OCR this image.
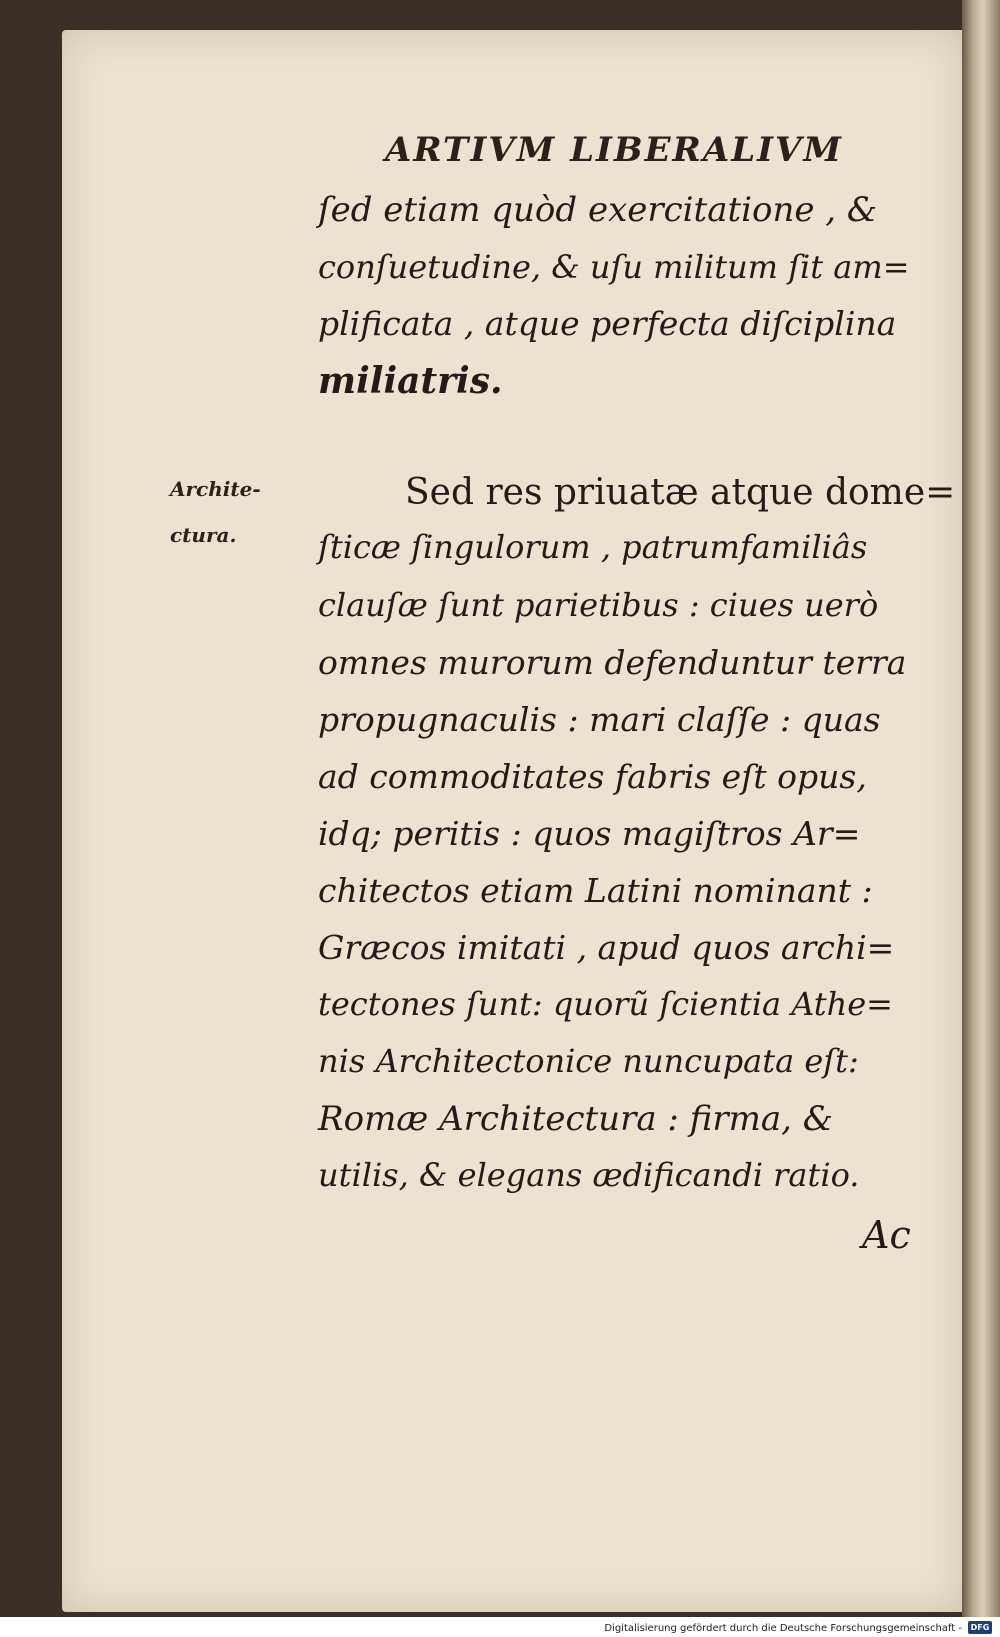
ARTIVM LIBERALIVM
Archite-
ctura.
ſed etiam quòd exercitatione , &
conſuetudine, & uſu militum ſit am=
plificata , atque perfecta diſciplina
miliatris.
Sed res priuatæ atque dome=
ſticæ ſingulorum , patrumfamiliâs
clauſæ ſunt parietibus : ciues uerò
omnes murorum defenduntur terra
propugnaculis : mari claſſe : quas
ad commoditates fabris eſt opus,
idq; peritis : quos magiſtros Ar=
chitectos etiam Latini nominant :
Græcos imitati , apud quos archi=
tectones ſunt: quorũ ſcientia Athe=
nis Architectonice nuncupata eſt:
Romæ Architectura : firma, &
utilis, & elegans ædificandi ratio.
Ac
Digitalisierung gefördert durch die Deutsche Forschungsgemeinschaft -	DFG
